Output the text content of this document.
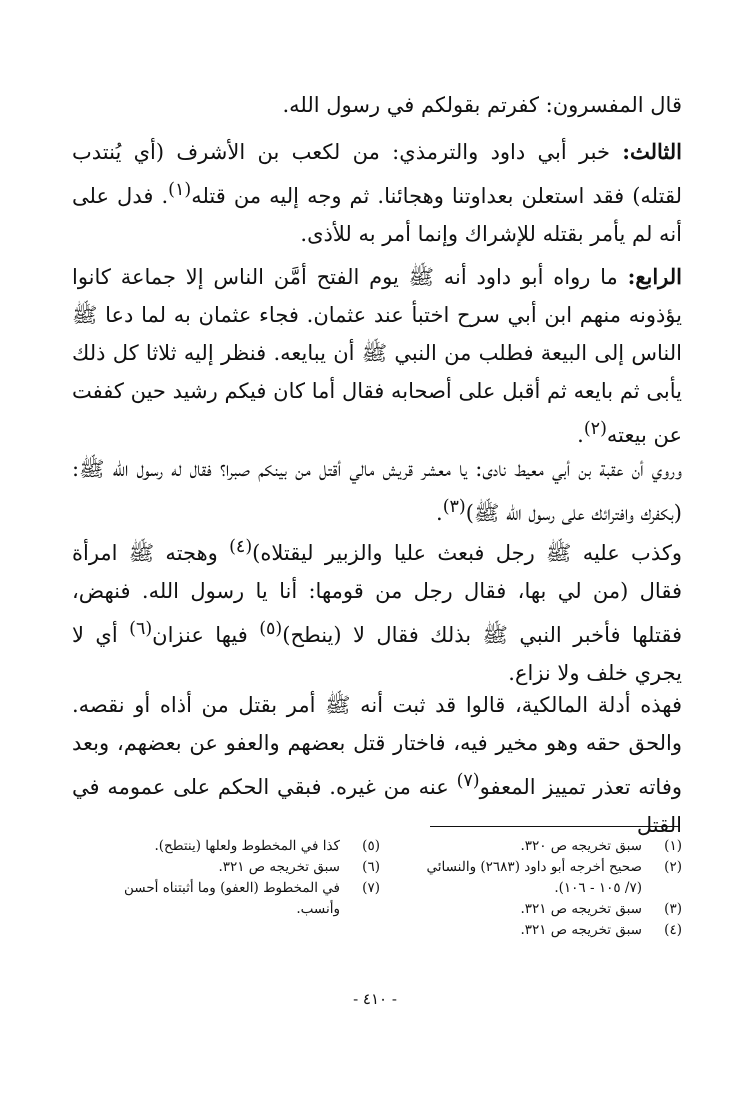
قال المفسرون: كفرتم بقولكم في رسول الله.

الثالث: خبر أبي داود والترمذي: من لكعب بن الأشرف (أي يُنتدب لقتله) فقد استعلن بعداوتنا وهجائنا. ثم وجه إليه من قتله$^{(١)}$. فدل على أنه لم يأمر بقتله للإشراك وإنما أمر به للأذى.

الرابع: ما رواه أبو داود أنه ﷺ يوم الفتح أمَّن الناس إلا جماعة كانوا يؤذونه منهم ابن أبي سرح اختبأ عند عثمان. فجاء عثمان به لما دعا ﷺ الناس إلى البيعة فطلب من النبي ﷺ أن يبايعه. فنظر إليه ثلاثا كل ذلك يأبى ثم بايعه ثم أقبل على أصحابه فقال أما كان فيكم رشيد حين كففت عن بيعته$^{(٢)}$.

وروي أن عقبة بن أبي معيط نادى: يا معشر قريش مالي أقتل من بينكم صبرا؟ فقال له رسول الله ﷺ: (بكفرك وافترائك على رسول الله ﷺ)$^{(٣)}$.

وكذب عليه ﷺ رجل فبعث عليا والزبير ليقتلاه)$^{(٤)}$ وهجته ﷺ امرأة فقال (من لي بها، فقال رجل من قومها: أنا يا رسول الله. فنهض، فقتلها فأخبر النبي ﷺ بذلك فقال لا (ينطح)$^{(٥)}$ فيها عنزان$^{(٦)}$ أي لا يجري خلف ولا نزاع.

فهذه أدلة المالكية، قالوا قد ثبت أنه ﷺ أمر بقتل من أذاه أو نقصه. والحق حقه وهو مخير فيه، فاختار قتل بعضهم والعفو عن بعضهم، وبعد وفاته تعذر تمييز المعفو$^{(٧)}$ عنه من غيره. فبقي الحكم على عمومه في القتل

(١)
سبق تخريجه ص ٣٢٠.
(٢)
صحيح أخرجه أبو داود (٢٦٨٣) والنسائي (٧/ ١٠٥ - ١٠٦).
(٣)
سبق تخريجه ص ٣٢١.
(٤)
سبق تخريجه ص ٣٢١.
(٥)
كذا في المخطوط ولعلها (ينتطح).
(٦)
سبق تخريجه ص ٣٢١.
(٧)
في المخطوط (العفو) وما أثبتناه أحسن وأنسب.
- ٤١٠ -
